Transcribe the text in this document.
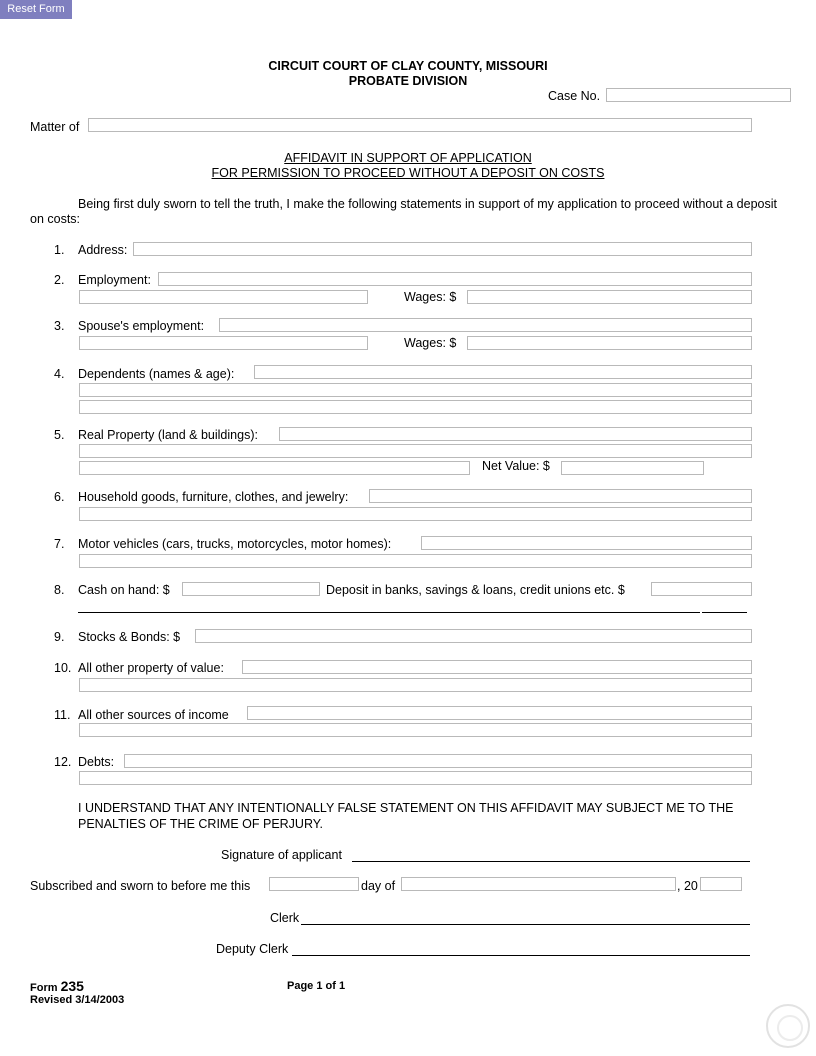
Reset Form
CIRCUIT COURT OF CLAY COUNTY, MISSOURI
PROBATE DIVISION
Case No.
Matter of
AFFIDAVIT IN SUPPORT OF APPLICATION
FOR PERMISSION TO PROCEED WITHOUT A DEPOSIT ON COSTS
Being first duly sworn to tell the truth, I make the following statements in support of my application to proceed without a deposit on costs:
1. Address:
2. Employment:
Wages: $
3. Spouse's employment:
Wages: $
4. Dependents (names & age):
5. Real Property (land & buildings):
Net Value: $
6. Household goods, furniture, clothes, and jewelry:
7. Motor vehicles (cars, trucks, motorcycles, motor homes):
8. Cash on hand: $	Deposit in banks, savings & loans, credit unions etc. $
9. Stocks & Bonds: $
10. All other property of value:
11. All other sources of income
12. Debts:
I UNDERSTAND THAT ANY INTENTIONALLY FALSE STATEMENT ON THIS AFFIDAVIT MAY SUBJECT ME TO THE PENALTIES OF THE CRIME OF PERJURY.
Signature of applicant
Subscribed and sworn to before me this	day of	, 20
Clerk
Deputy Clerk
Form 235
Revised 3/14/2003
Page 1 of 1
